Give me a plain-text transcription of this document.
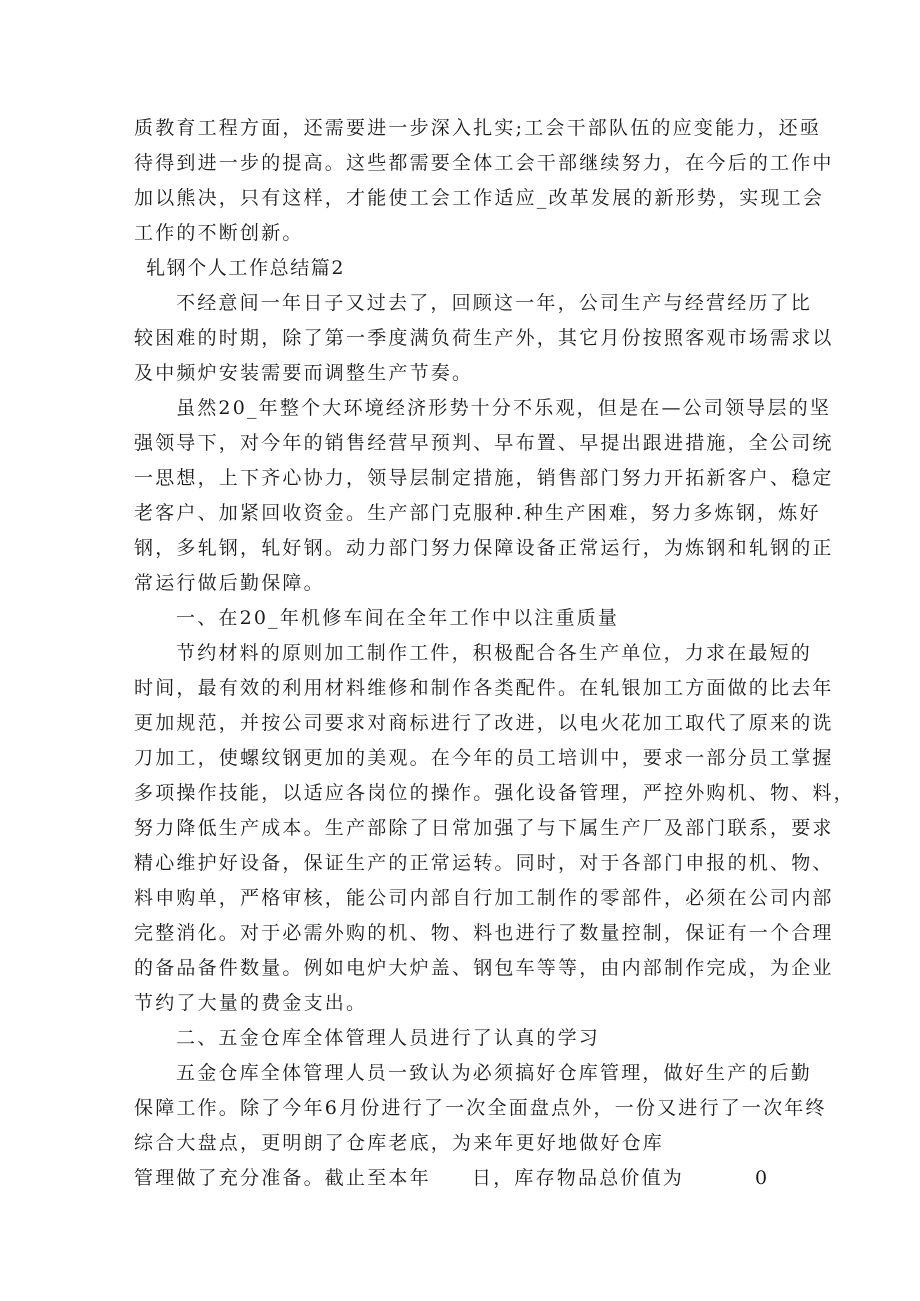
质教育工程方面，还需要进一步深入扎实;工会干部队伍的应变能力，还亟
待得到进一步的提高。这些都需要全体工会干部继续努力，在今后的工作中
加以熊决，只有这样，才能使工会工作适应_改革发展的新形势，实现工会
工作的不断创新。
轧钢个人工作总结篇2
不经意间一年日子又过去了，回顾这一年，公司生产与经营经历了比
较困难的时期，除了第一季度满负荷生产外，其它月份按照客观市场需求以
及中频炉安装需要而调整生产节奏。
虽然20_年整个大环境经济形势十分不乐观，但是在—公司领导层的坚
强领导下，对今年的销售经营早预判、早布置、早提出跟进措施，全公司统
一思想，上下齐心协力，领导层制定措施，销售部门努力开拓新客户、稳定
老客户、加紧回收资金。生产部门克服种.种生产困难，努力多炼钢，炼好
钢，多轧钢，轧好钢。动力部门努力保障设备正常运行，为炼钢和轧钢的正
常运行做后勤保障。
一、在20_年机修车间在全年工作中以注重质量
节约材料的原则加工制作工件，积极配合各生产单位，力求在最短的
时间，最有效的利用材料维修和制作各类配件。在轧银加工方面做的比去年
更加规范，并按公司要求对商标进行了改进，以电火花加工取代了原来的诜
刀加工，使螺纹钢更加的美观。在今年的员工培训中，要求一部分员工掌握
多项操作技能，以适应各岗位的操作。强化设备管理，严控外购机、物、料，
努力降低生产成本。生产部除了日常加强了与下属生产厂及部门联系，要求
精心维护好设备，保证生产的正常运转。同时，对于各部门申报的机、物、
料申购单，严格审核，能公司内部自行加工制作的零部件，必须在公司内部
完整消化。对于必需外购的机、物、料也进行了数量控制，保证有一个合理
的备品备件数量。例如电炉大炉盖、钢包车等等，由内部制作完成，为企业
节约了大量的费金支出。
二、五金仓库全体管理人员进行了认真的学习
五金仓库全体管理人员一致认为必须搞好仓库管理，做好生产的后勤
保障工作。除了今年6月份进行了一次全面盘点外，一份又进行了一次年终
综合大盘点，更明朗了仓库老底，为来年更好地做好仓库
管理做了充分准备。截止至本年 日，库存物品总价值为	0
